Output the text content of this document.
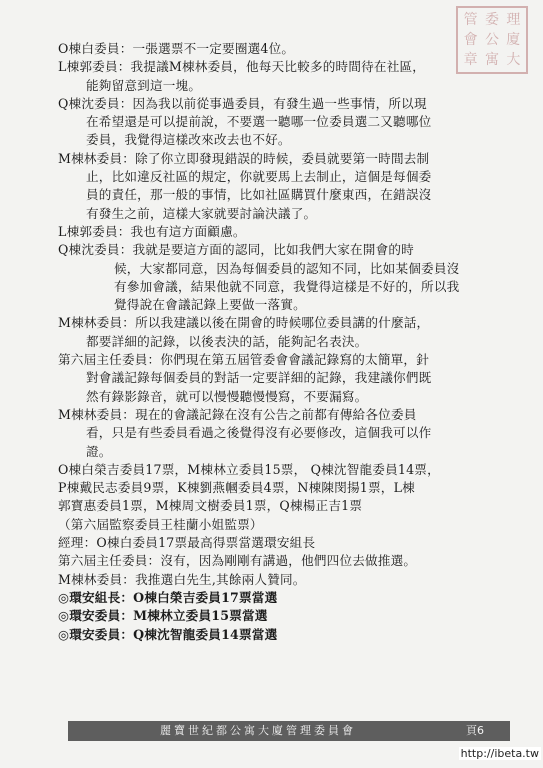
管 委 理
會 公 廈
章 寓 大
O棟白委員：一張選票不一定要圈選4位。
L棟郭委員：我提議M棟林委員，他每天比較多的時間待在社區，
能夠留意到這一塊。
Q棟沈委員：因為我以前從事過委員，有發生過一些事情，所以現
在希望還是可以提前說，不要選一聽哪一位委員選二又聽哪位
委員，我覺得這樣改來改去也不好。
M棟林委員：除了你立即發現錯誤的時候，委員就要第一時間去制
止，比如違反社區的規定，你就要馬上去制止，這個是每個委
員的責任，那一般的事情，比如社區購買什麼東西，在錯誤沒
有發生之前，這樣大家就要討論決議了。
L棟郭委員：我也有這方面顧慮。
Q棟沈委員：我就是要這方面的認同，比如我們大家在開會的時
候，大家都同意，因為每個委員的認知不同，比如某個委員沒
有參加會議，結果他就不同意，我覺得這樣是不好的，所以我
覺得說在會議記錄上要做一落實。
M棟林委員：所以我建議以後在開會的時候哪位委員講的什麼話，
都要詳細的記錄，以後表決的話，能夠記名表決。
第六屆主任委員：你們現在第五屆管委會會議記錄寫的太簡單，針
對會議記錄每個委員的對話一定要詳細的記錄，我建議你們既
然有錄影錄音，就可以慢慢聽慢慢寫，不要漏寫。
M棟林委員：現在的會議記錄在沒有公告之前都有傳給各位委員
看，只是有些委員看過之後覺得沒有必要修改，這個我可以作
證。
O棟白榮吉委員17票，M棟林立委員15票， Q棟沈智龍委員14票，
P棟戴民志委員9票，K棟劉燕幗委員4票，N棟陳閔揚1票，L棟
郭寶惠委員1票，M棟周文樹委員1票，Q棟楊正吉1票
（第六屆監察委員王桂蘭小姐監票）
經理：O棟白委員17票最高得票當選環安組長
第六屆主任委員：沒有，因為剛剛有講過，他們四位去做推選。
M棟林委員：我推選白先生,其餘兩人贊同。
◎環安組長：O棟白榮吉委員17票當選
◎環安委員：M棟林立委員15票當選
◎環安委員：Q棟沈智龍委員14票當選
麗寶世紀都公寓大廈管理委員會	頁6
http://ibeta.tw
